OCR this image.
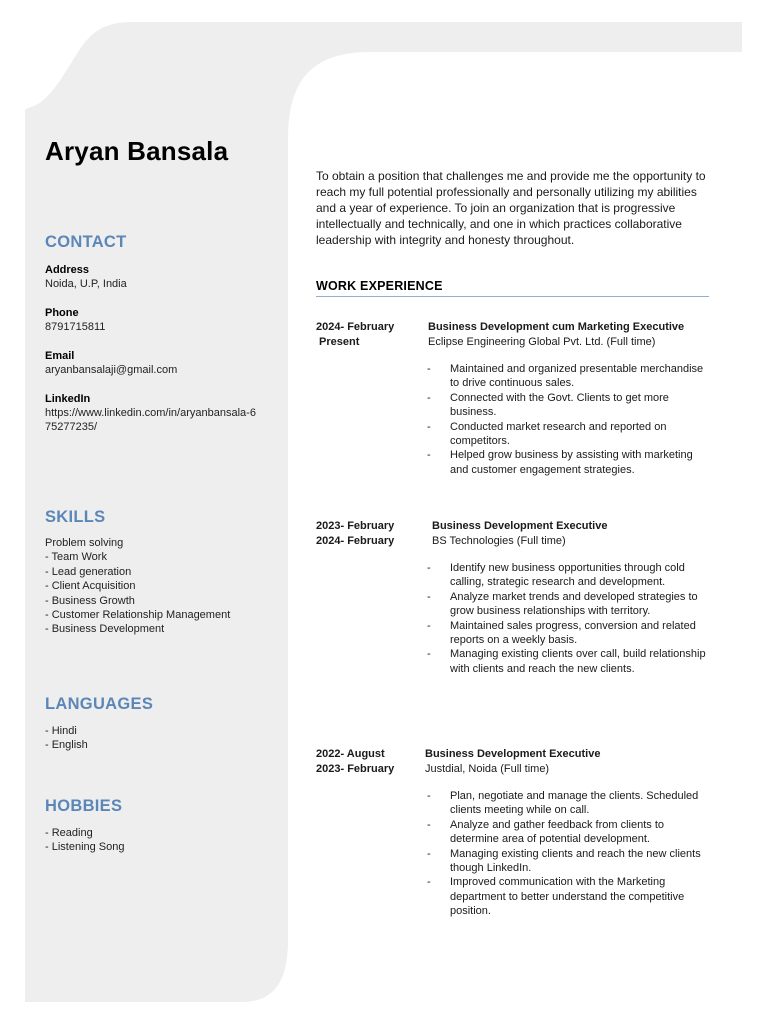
Aryan Bansala
CONTACT
Address
Noida, U.P, India
Phone
8791715811
Email
aryanbansalaji@gmail.com
LinkedIn
https://www.linkedin.com/in/aryanbansala-675277235/
SKILLS
Problem solving
- Team Work
- Lead generation
- Client Acquisition
- Business Growth
- Customer Relationship Management
- Business Development
LANGUAGES
- Hindi
- English
HOBBIES
- Reading
- Listening Song

To obtain a position that challenges me and provide me the opportunity to reach my full potential professionally and personally utilizing my abilities and a year of experience. To join an organization that is progressive intellectually and technically, and one in which practices collaborative leadership with integrity and honesty throughout.

WORK EXPERIENCE
2024- February
Present
Business Development cum Marketing Executive
Eclipse Engineering Global Pvt. Ltd. (Full time)
- Maintained and organized presentable merchandise to drive continuous sales.
- Connected with the Govt. Clients to get more business.
- Conducted market research and reported on competitors.
- Helped grow business by assisting with marketing and customer engagement strategies.
2023- February
2024- February
Business Development Executive
BS Technologies (Full time)
- Identify new business opportunities through cold calling, strategic research and development.
- Analyze market trends and developed strategies to grow business relationships with territory.
- Maintained sales progress, conversion and related reports on a weekly basis.
- Managing existing clients over call, build relationship with clients and reach the new clients.
2022- August
2023- February
Business Development Executive
Justdial, Noida (Full time)
- Plan, negotiate and manage the clients. Scheduled clients meeting while on call.
- Analyze and gather feedback from clients to determine area of potential development.
- Managing existing clients and reach the new clients though LinkedIn.
- Improved communication with the Marketing department to better understand the competitive position.
